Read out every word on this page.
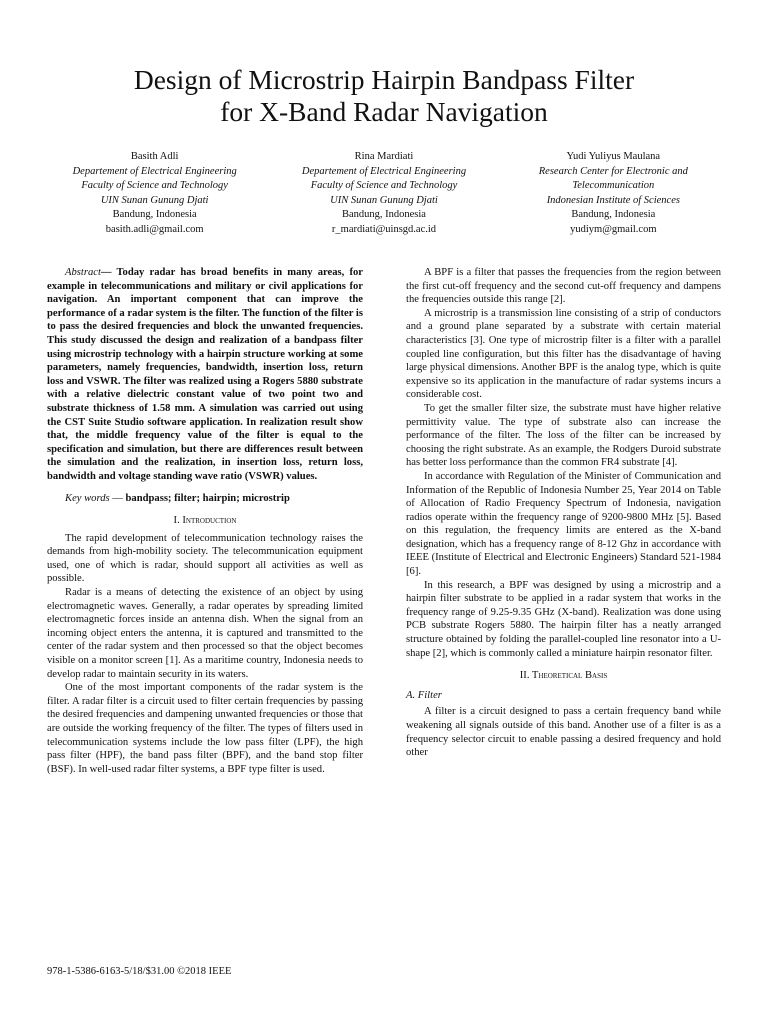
Design of Microstrip Hairpin Bandpass Filter
for X-Band Radar Navigation
Basith Adli
Departement of Electrical Engineering
Faculty of Science and Technology
UIN Sunan Gunung Djati
Bandung, Indonesia
basith.adli@gmail.com
Rina Mardiati
Departement of Electrical Engineering
Faculty of Science and Technology
UIN Sunan Gunung Djati
Bandung, Indonesia
r_mardiati@uinsgd.ac.id
Yudi Yuliyus Maulana
Research Center for Electronic and Telecommunication
Indonesian Institute of Sciences
Bandung, Indonesia
yudiym@gmail.com

Abstract— Today radar has broad benefits in many areas, for example in telecommunications and military or civil applications for navigation. An important component that can improve the performance of a radar system is the filter. The function of the filter is to pass the desired frequencies and block the unwanted frequencies. This study discussed the design and realization of a bandpass filter using microstrip technology with a hairpin structure working at some parameters, namely frequencies, bandwidth, insertion loss, return loss and VSWR. The filter was realized using a Rogers 5880 substrate with a relative dielectric constant value of two point two and substrate thickness of 1.58 mm. A simulation was carried out using the CST Suite Studio software application. In realization result show that, the middle frequency value of the filter is equal to the specification and simulation, but there are differences result between the simulation and the realization, in insertion loss, return loss, bandwidth and voltage standing wave ratio (VSWR) values.

Key words — bandpass; filter; hairpin; microstrip

I. Introduction

The rapid development of telecommunication technology raises the demands from high-mobility society. The telecommunication equipment used, one of which is radar, should support all activities as well as possible.

Radar is a means of detecting the existence of an object by using electromagnetic waves. Generally, a radar operates by spreading limited electromagnetic forces inside an antenna dish. When the signal from an incoming object enters the antenna, it is captured and transmitted to the center of the radar system and then processed so that the object becomes visible on a monitor screen [1]. As a maritime country, Indonesia needs to develop radar to maintain security in its waters.

One of the most important components of the radar system is the filter. A radar filter is a circuit used to filter certain frequencies by passing the desired frequencies and dampening unwanted frequencies or those that are outside the working frequency of the filter. The types of filters used in telecommunication systems include the low pass filter (LPF), the high pass filter (HPF), the band pass filter (BPF), and the band stop filter (BSF). In well-used radar filter systems, a BPF type filter is used.

A BPF is a filter that passes the frequencies from the region between the first cut-off frequency and the second cut-off frequency and dampens the frequencies outside this range [2].

A microstrip is a transmission line consisting of a strip of conductors and a ground plane separated by a substrate with certain material characteristics [3]. One type of microstrip filter is a filter with a parallel coupled line configuration, but this filter has the disadvantage of having large physical dimensions. Another BPF is the analog type, which is quite expensive so its application in the manufacture of radar systems incurs a considerable cost.

To get the smaller filter size, the substrate must have higher relative permittivity value. The type of substrate also can increase the performance of the filter. The loss of the filter can be increased by choosing the right substrate. As an example, the Rodgers Duroid substrate has better loss performance than the common FR4 substrate [4].

In accordance with Regulation of the Minister of Communication and Information of the Republic of Indonesia Number 25, Year 2014 on Table of Allocation of Radio Frequency Spectrum of Indonesia, navigation radios operate within the frequency range of 9200-9800 MHz [5]. Based on this regulation, the frequency limits are entered as the X-band designation, which has a frequency range of 8-12 Ghz in accordance with IEEE (Institute of Electrical and Electronic Engineers) Standard 521-1984 [6].

In this research, a BPF was designed by using a microstrip and a hairpin filter substrate to be applied in a radar system that works in the frequency range of 9.25-9.35 GHz (X-band). Realization was done using PCB substrate Rogers 5880. The hairpin filter has a neatly arranged structure obtained by folding the parallel-coupled line resonator into a U-shape [2], which is commonly called a miniature hairpin resonator filter.

II. Theoretical Basis

A. Filter

A filter is a circuit designed to pass a certain frequency band while weakening all signals outside of this band. Another use of a filter is as a frequency selector circuit to enable passing a desired frequency and hold other

978-1-5386-6163-5/18/$31.00 ©2018 IEEE
